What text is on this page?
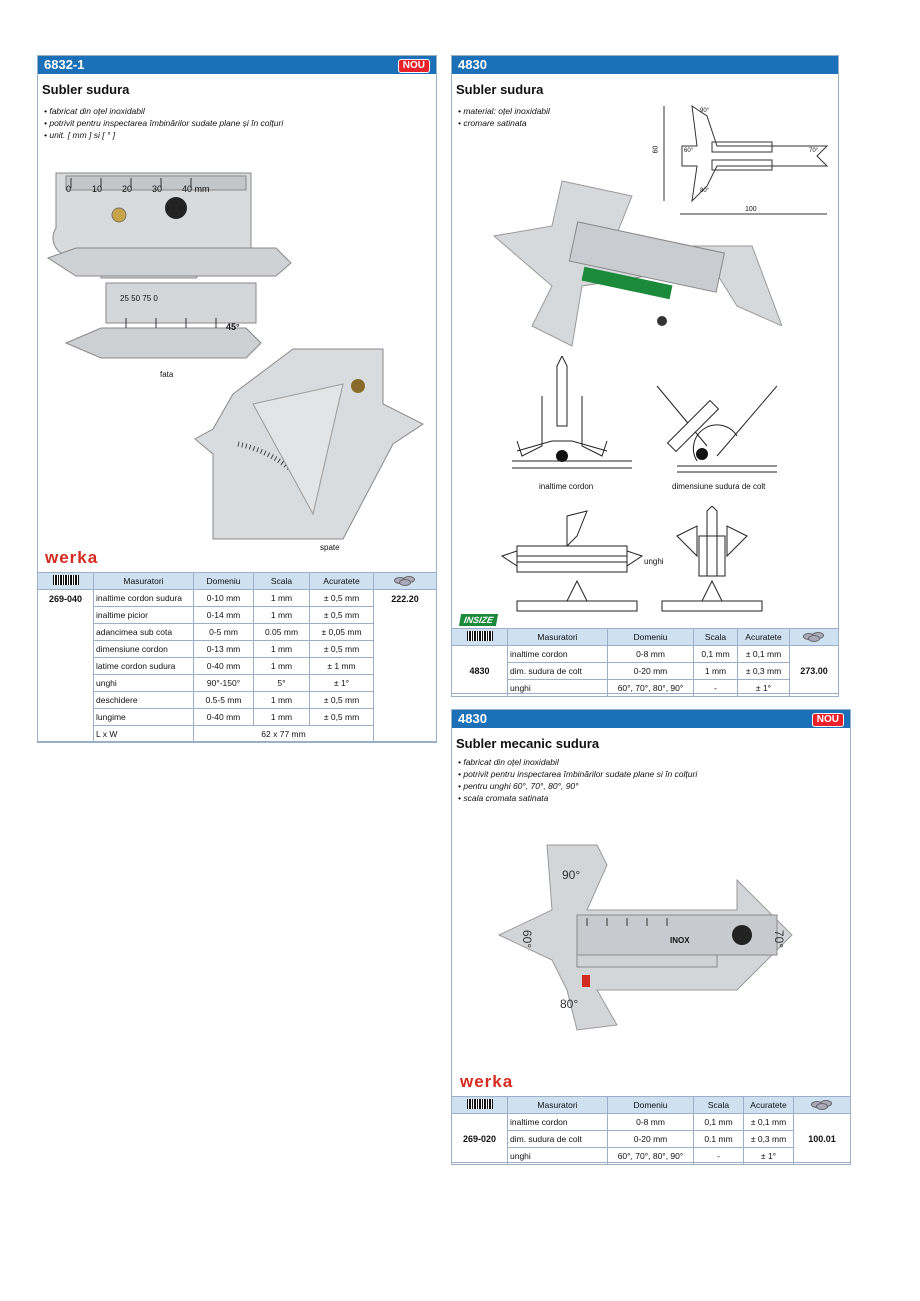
6832-1	NOU
Subler sudura
• fabricat din oțel inoxidabil
• potrivit pentru inspectarea îmbinărilor sudate plane și în colțuri
• unit. [ mm ] si [ ° ]
0 10 20 30 40 mm
25 50 75 0
45°
fata
spate
werka
	Masuratori	Domeniu	Scala	Acuratete	

269-040	inaltime cordon sudura	0-10 mm	1 mm	± 0,5 mm	222.20
	inaltime picior	0-14 mm	1 mm	± 0,5 mm	
	adancimea sub cota	0-5 mm	0.05 mm	± 0,05 mm	
	dimensiune cordon	0-13 mm	1 mm	± 0,5 mm	
	latime cordon sudura	0-40 mm	1 mm	± 1 mm	
	unghi	90°-150°	5°	± 1°	
	deschidere	0.5-5 mm	1 mm	± 0,5 mm	
	lungime	0-40 mm	1 mm	± 0,5 mm	
	L x W	62 x 77 mm			
4830
Subler sudura
• material: oțel inoxidabil
• cromare satinata
90°
60°	70°
80°
60
100
inaltime cordon	dimensiune sudura de colt
unghi
INSIZE
	Masuratori	Domeniu	Scala	Acuratete	

4830	inaltime cordon	0-8 mm	0,1 mm	± 0,1 mm	273.00
	dim. sudura de colt	0-20 mm	1 mm	± 0,3 mm	
	unghi	60°, 70°, 80°, 90°	-	± 1°	
4830	NOU
Subler mecanic sudura
• fabricat din oțel inoxidabil
• potrivit pentru inspectarea îmbinărilor sudate plane si în colțuri
• pentru unghi 60°, 70°, 80°, 90°
• scala cromata satinata
90°
60°	70°
80°
INOX
werka
	Masuratori	Domeniu	Scala	Acuratete	

269-020	inaltime cordon	0-8 mm	0,1 mm	± 0,1 mm	100.01
	dim. sudura de colt	0-20 mm	0.1 mm	± 0,3 mm	
	unghi	60°, 70°, 80°, 90°	-	± 1°	
